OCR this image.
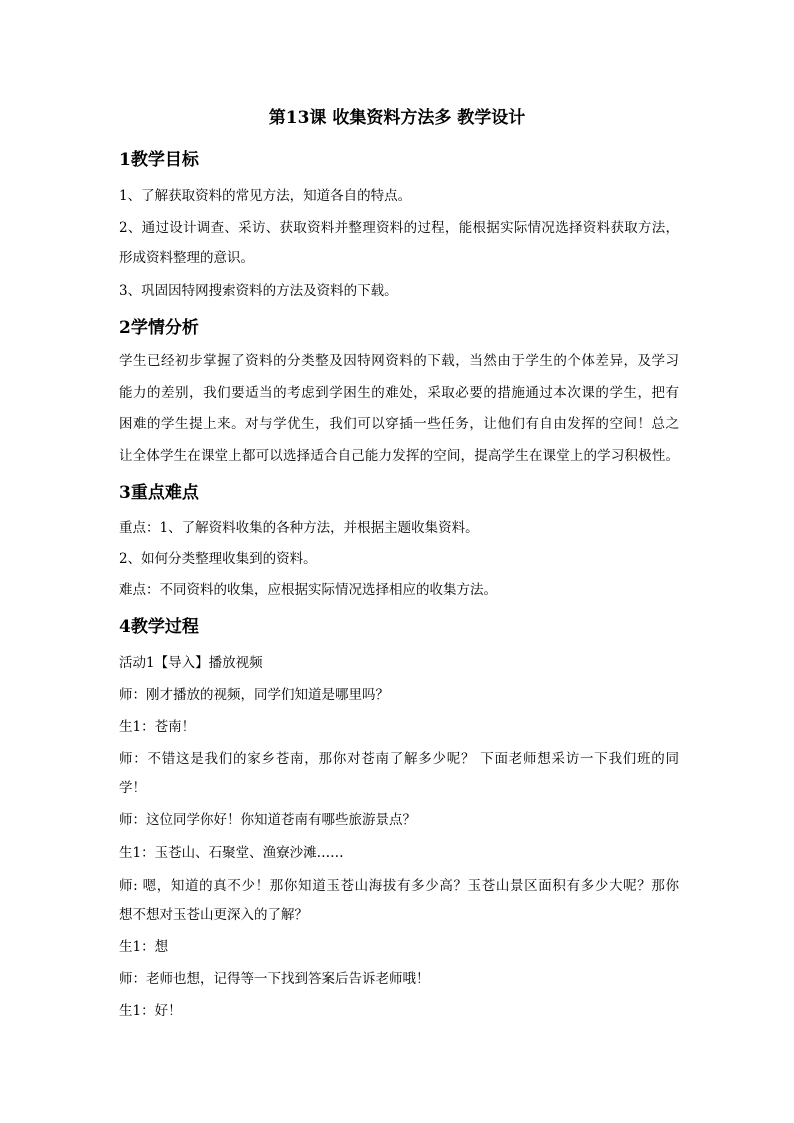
第13课 收集资料方法多 教学设计
1教学目标
1、了解获取资料的常见方法，知道各自的特点。
2、通过设计调查、采访、获取资料并整理资料的过程，能根据实际情况选择资料获取方法，
形成资料整理的意识。
3、巩固因特网搜索资料的方法及资料的下载。
2学情分析
学生已经初步掌握了资料的分类整及因特网资料的下载，当然由于学生的个体差异，及学习
能力的差别，我们要适当的考虑到学困生的难处，采取必要的措施通过本次课的学生，把有
困难的学生提上来。对与学优生，我们可以穿插一些任务，让他们有自由发挥的空间！总之
让全体学生在课堂上都可以选择适合自己能力发挥的空间，提高学生在课堂上的学习积极性。
3重点难点
重点：1、了解资料收集的各种方法，并根据主题收集资料。
2、如何分类整理收集到的资料。
难点：不同资料的收集，应根据实际情况选择相应的收集方法。
4教学过程
活动1【导入】播放视频
师：刚才播放的视频，同学们知道是哪里吗？
生1：苍南！
师：不错这是我们的家乡苍南，那你对苍南了解多少呢？ 下面老师想采访一下我们班的同
学！
师：这位同学你好！你知道苍南有哪些旅游景点？
生1：玉苍山、石聚堂、渔寮沙滩……
师: 嗯，知道的真不少！那你知道玉苍山海拔有多少高？玉苍山景区面积有多少大呢？那你
想不想对玉苍山更深入的了解？
生1：想
师：老师也想，记得等一下找到答案后告诉老师哦！
生1：好！
